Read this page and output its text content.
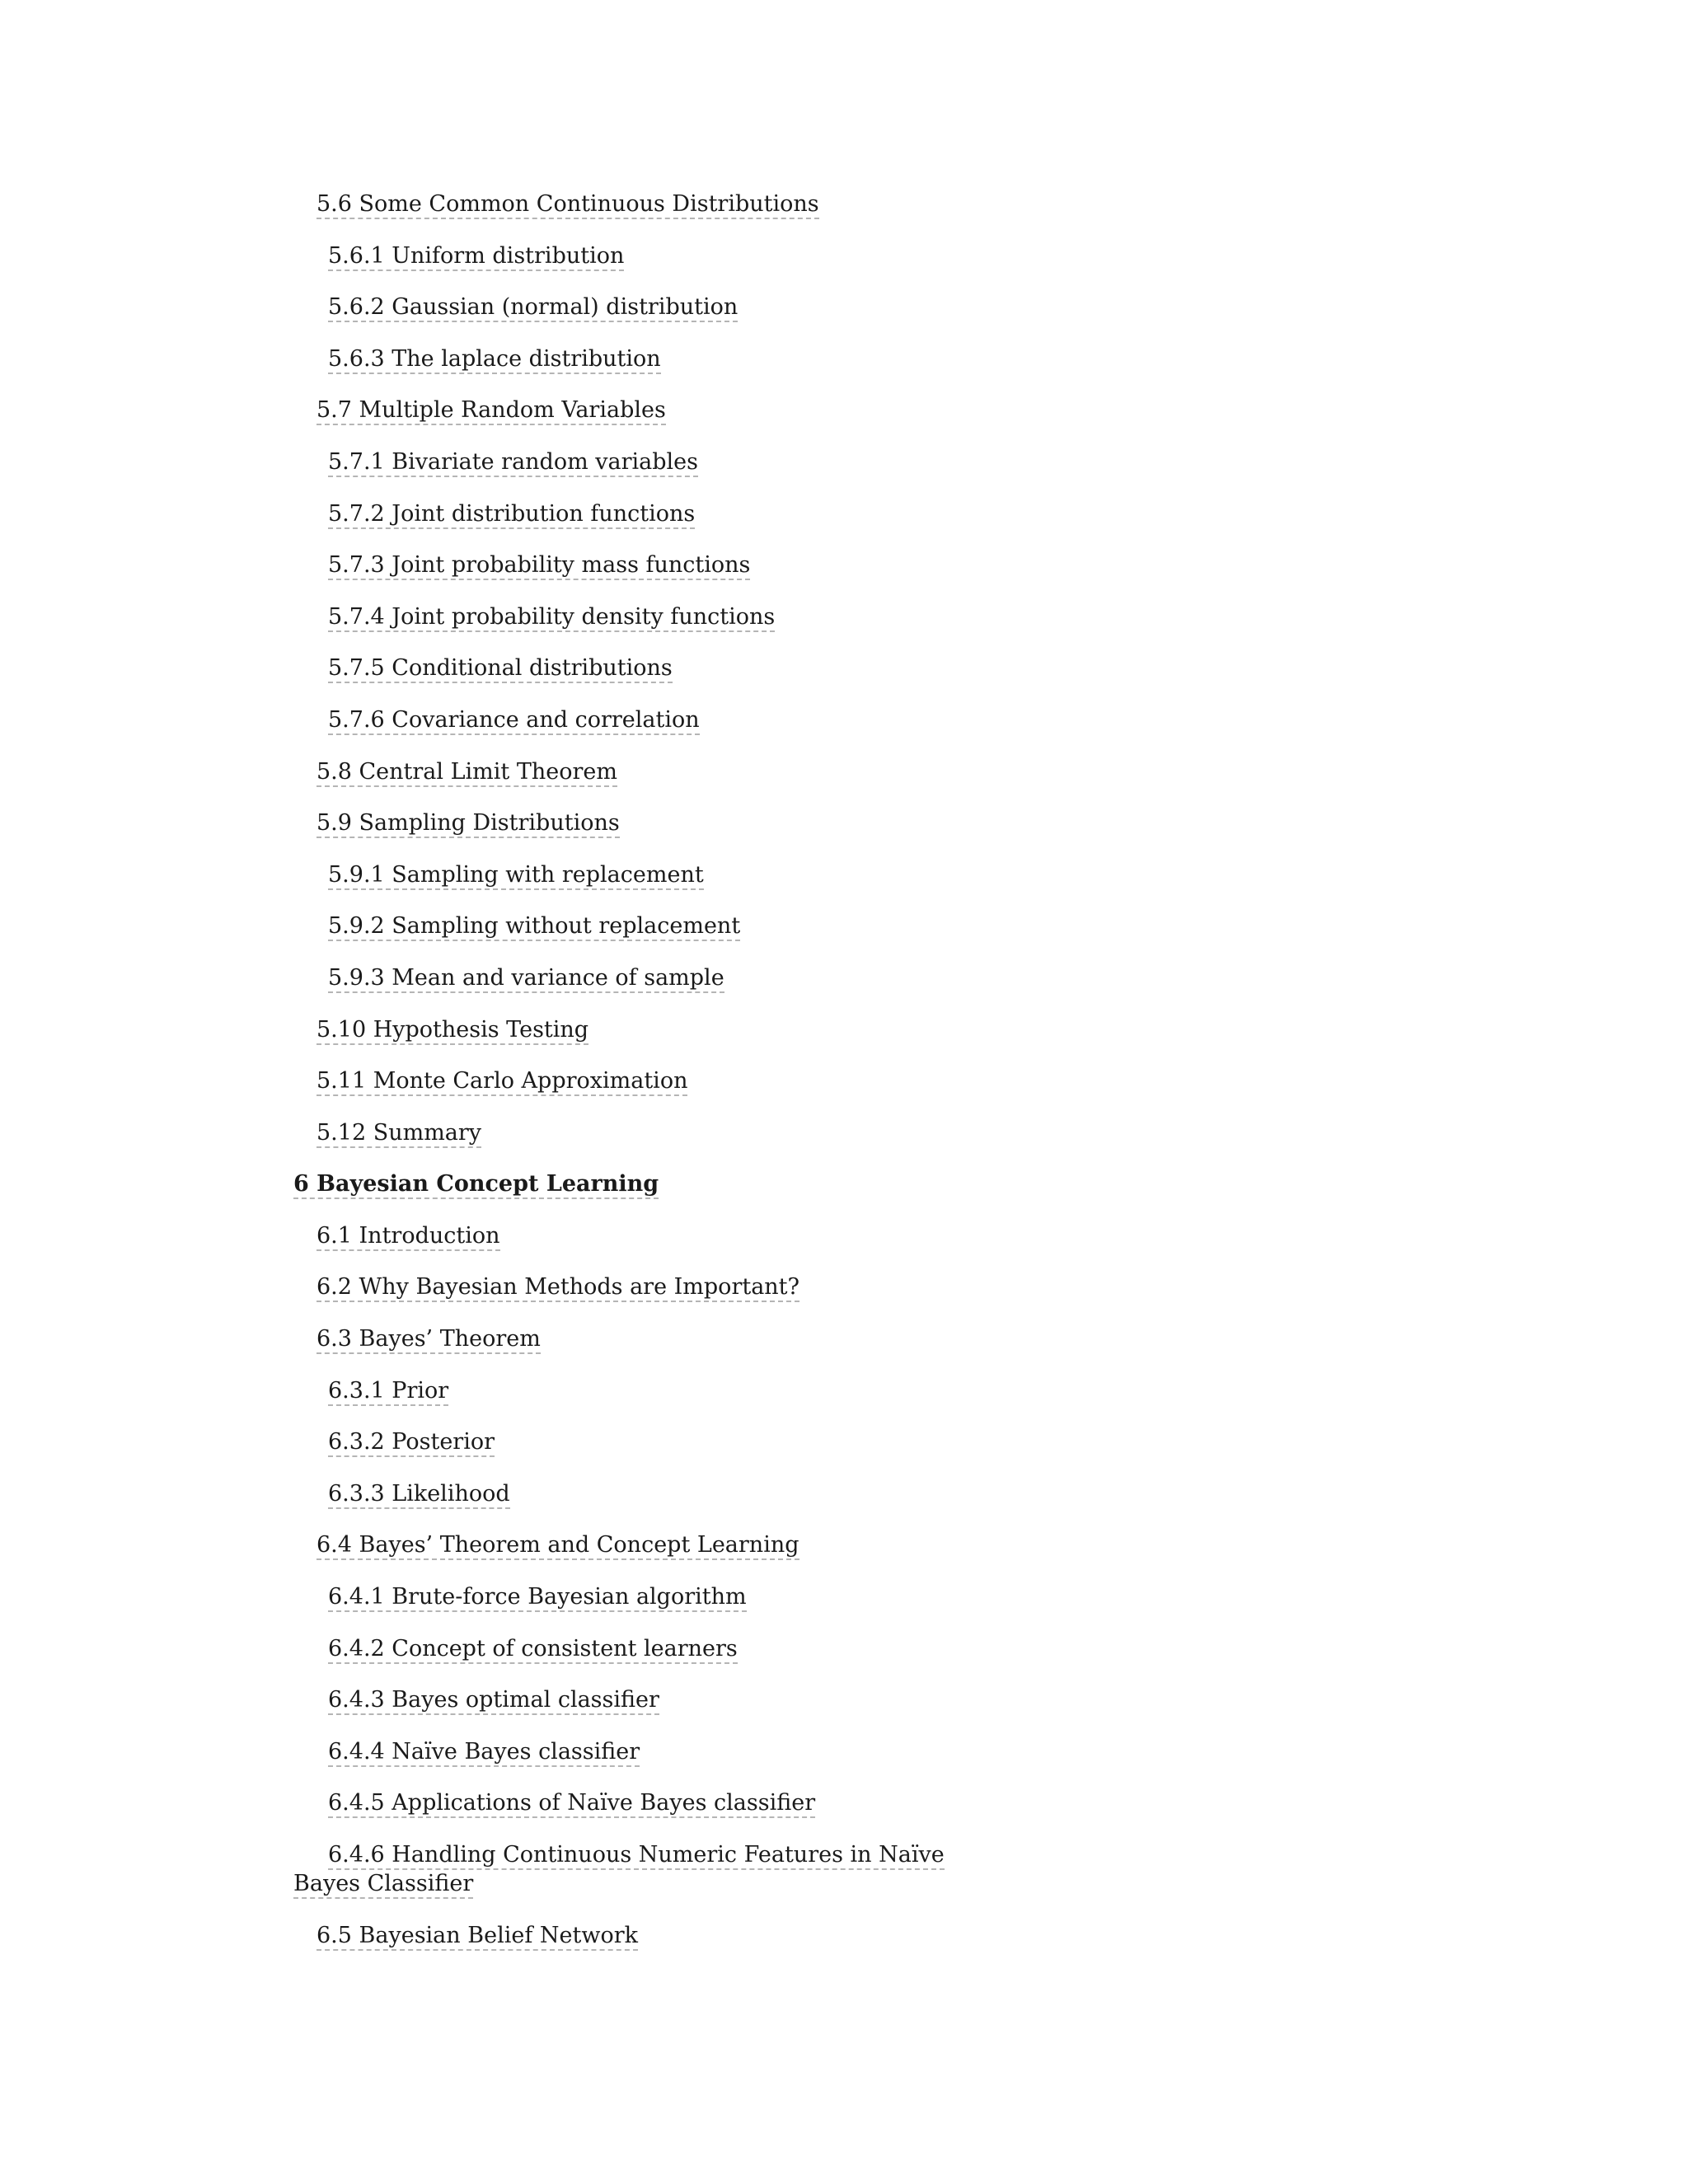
5.6 Some Common Continuous Distributions
5.6.1 Uniform distribution
5.6.2 Gaussian (normal) distribution
5.6.3 The laplace distribution
5.7 Multiple Random Variables
5.7.1 Bivariate random variables
5.7.2 Joint distribution functions
5.7.3 Joint probability mass functions
5.7.4 Joint probability density functions
5.7.5 Conditional distributions
5.7.6 Covariance and correlation
5.8 Central Limit Theorem
5.9 Sampling Distributions
5.9.1 Sampling with replacement
5.9.2 Sampling without replacement
5.9.3 Mean and variance of sample
5.10 Hypothesis Testing
5.11 Monte Carlo Approximation
5.12 Summary
6 Bayesian Concept Learning
6.1 Introduction
6.2 Why Bayesian Methods are Important?
6.3 Bayes’ Theorem
6.3.1 Prior
6.3.2 Posterior
6.3.3 Likelihood
6.4 Bayes’ Theorem and Concept Learning
6.4.1 Brute-force Bayesian algorithm
6.4.2 Concept of consistent learners
6.4.3 Bayes optimal classifier
6.4.4 Naïve Bayes classifier
6.4.5 Applications of Naïve Bayes classifier
6.4.6 Handling Continuous Numeric Features in Naïve Bayes Classifier
6.5 Bayesian Belief Network
